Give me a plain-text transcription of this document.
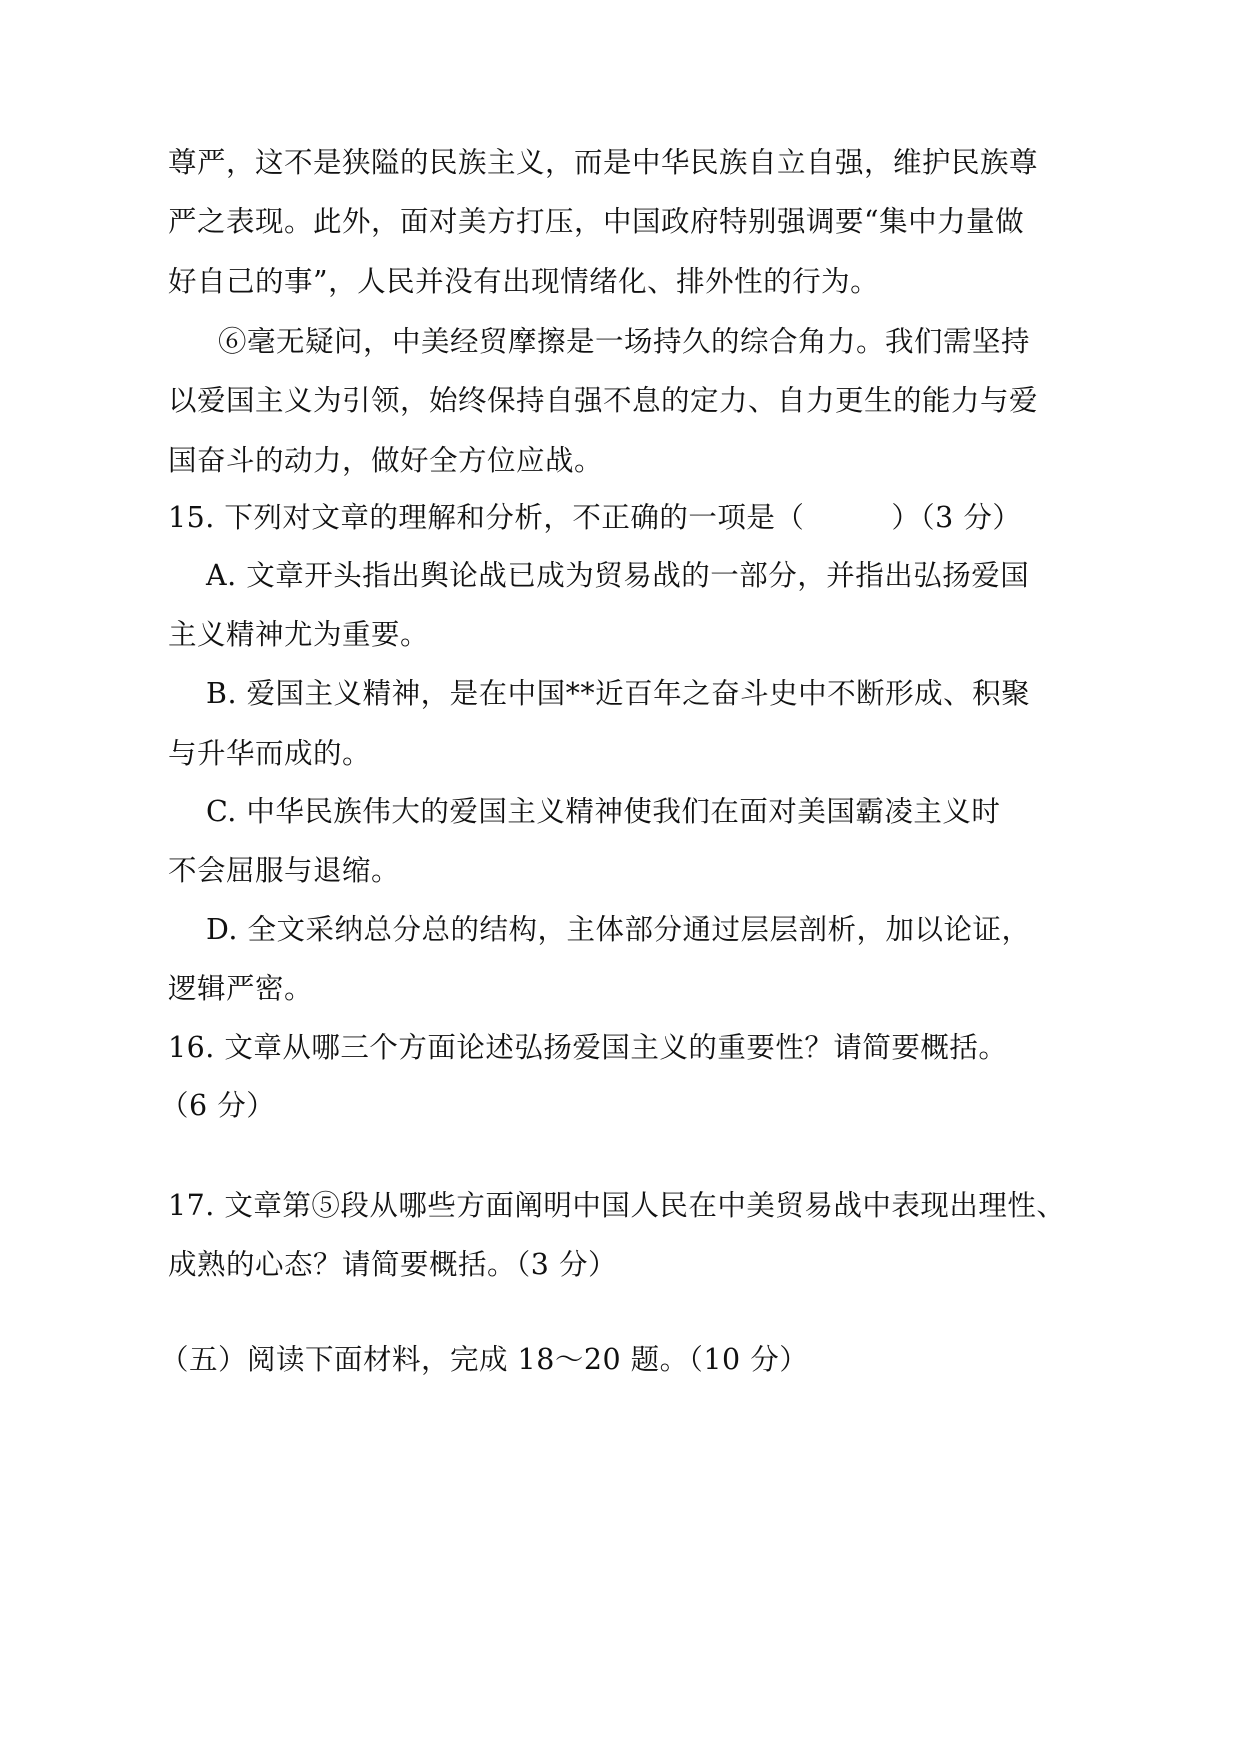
尊严，这不是狭隘的民族主义，而是中华民族自立自强，维护民族尊
严之表现。此外，面对美方打压，中国政府特别强调要“集中力量做
好自己的事”，人民并没有出现情绪化、排外性的行为。
⑥毫无疑问，中美经贸摩擦是一场持久的综合角力。我们需坚持
以爱国主义为引领，始终保持自强不息的定力、自力更生的能力与爱
国奋斗的动力，做好全方位应战。
15. 下列对文章的理解和分析，不正确的一项是（　　　）（3 分）
A. 文章开头指出舆论战已成为贸易战的一部分，并指出弘扬爱国
主义精神尤为重要。
B. 爱国主义精神，是在中国**近百年之奋斗史中不断形成、积聚
与升华而成的。
C. 中华民族伟大的爱国主义精神使我们在面对美国霸凌主义时
不会屈服与退缩。
D. 全文采纳总分总的结构，主体部分通过层层剖析，加以论证，
逻辑严密。
16. 文章从哪三个方面论述弘扬爱国主义的重要性？请简要概括。
（6 分）
17. 文章第⑤段从哪些方面阐明中国人民在中美贸易战中表现出理性、
成熟的心态？请简要概括。（3 分）
（五）阅读下面材料，完成 18～20 题。（10 分）
